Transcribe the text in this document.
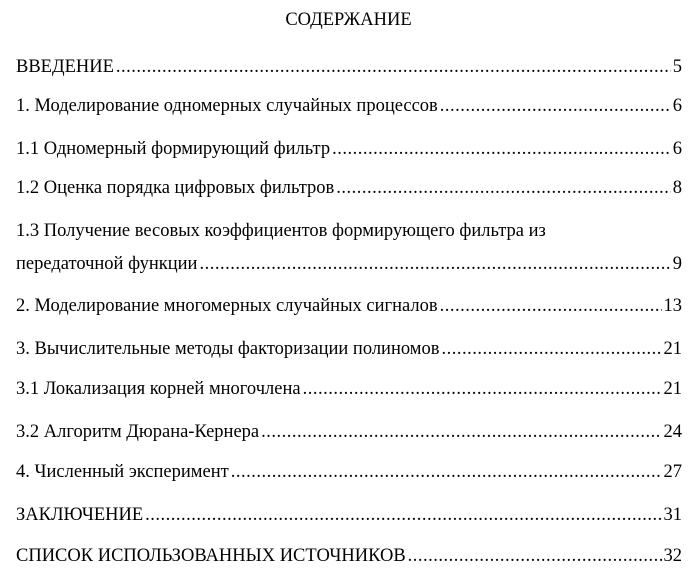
СОДЕРЖАНИЕ
ВВЕДЕНИЕ .....	5
1. Моделирование одномерных случайных процессов .....	6
1.1 Одномерный формирующий фильтр .....	6
1.2 Оценка порядка цифровых фильтров .....	8
1.3 Получение весовых коэффициентов формирующего фильтра из
передаточной функции .....	9
2. Моделирование многомерных случайных сигналов .....	13
3. Вычислительные методы факторизации полиномов .....	21
3.1 Локализация корней многочлена .....	21
3.2 Алгоритм Дюрана-Кернера .....	24
4. Численный эксперимент .....	27
ЗАКЛЮЧЕНИЕ .....	31
СПИСОК ИСПОЛЬЗОВАННЫХ ИСТОЧНИКОВ .....	32
